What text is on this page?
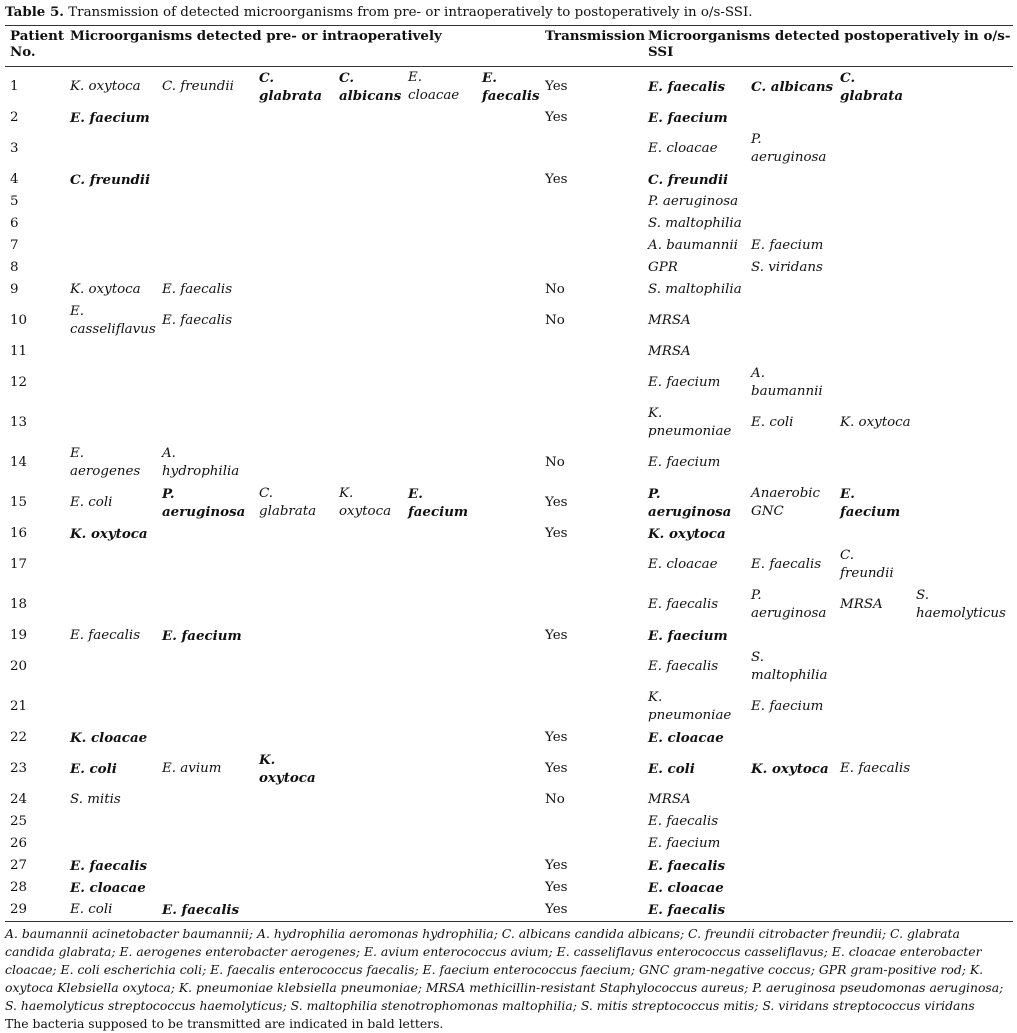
Table 5. Transmission of detected microorganisms from pre- or intraoperatively to postoperatively in o/s-SSI.
Patient No.	Microorganisms detected pre- or intraoperatively						Transmission	Microorganisms detected postoperatively in o/s-SSI			

1	K. oxytoca	C. freundii	C. glabrata	C. albicans	E. cloacae	E. faecalis	Yes	E. faecalis	C. albicans	C. glabrata	
2	E. faecium						Yes	E. faecium			
3								E. cloacae	P. aeruginosa		
4	C. freundii						Yes	C. freundii			
5								P. aeruginosa			
6								S. maltophilia			
7								A. baumannii	E. faecium		
8								GPR	S. viridans		
9	K. oxytoca	E. faecalis					No	S. maltophilia			
10	E. casseliflavus	E. faecalis					No	MRSA			
11								MRSA			
12								E. faecium	A. baumannii		
13								K. pneumoniae	E. coli	K. oxytoca	
14	E. aerogenes	A. hydrophilia					No	E. faecium			
15	E. coli	P. aeruginosa	C. glabrata	K. oxytoca	E. faecium		Yes	P. aeruginosa	Anaerobic GNC	E. faecium	
16	K. oxytoca						Yes	K. oxytoca			
17								E. cloacae	E. faecalis	C. freundii	
18								E. faecalis	P. aeruginosa	MRSA	S. haemolyticus
19	E. faecalis	E. faecium					Yes	E. faecium			
20								E. faecalis	S. maltophilia		
21								K. pneumoniae	E. faecium		
22	K. cloacae						Yes	E. cloacae			
23	E. coli	E. avium	K. oxytoca				Yes	E. coli	K. oxytoca	E. faecalis	
24	S. mitis						No	MRSA			
25								E. faecalis			
26								E. faecium			
27	E. faecalis						Yes	E. faecalis			
28	E. cloacae						Yes	E. cloacae			
29	E. coli	E. faecalis					Yes	E. faecalis			
A. baumannii acinetobacter baumannii; A. hydrophilia aeromonas hydrophilia; C. albicans candida albicans; C. freundii citrobacter freundii; C. glabrata candida glabrata; E. aerogenes enterobacter aerogenes; E. avium enterococcus avium; E. casseliflavus enterococcus casseliflavus; E. cloacae enterobacter cloacae; E. coli escherichia coli; E. faecalis enterococcus faecalis; E. faecium enterococcus faecium; GNC gram-negative coccus; GPR gram-positive rod; K. oxytoca Klebsiella oxytoca; K. pneumoniae klebsiella pneumoniae; MRSA methicillin-resistant Staphylococcus aureus; P. aeruginosa pseudomonas aeruginosa; S. haemolyticus streptococcus haemolyticus; S. maltophilia stenotrophomonas maltophilia; S. mitis streptococcus mitis; S. viridans streptococcus viridans
The bacteria supposed to be transmitted are indicated in bald letters.
